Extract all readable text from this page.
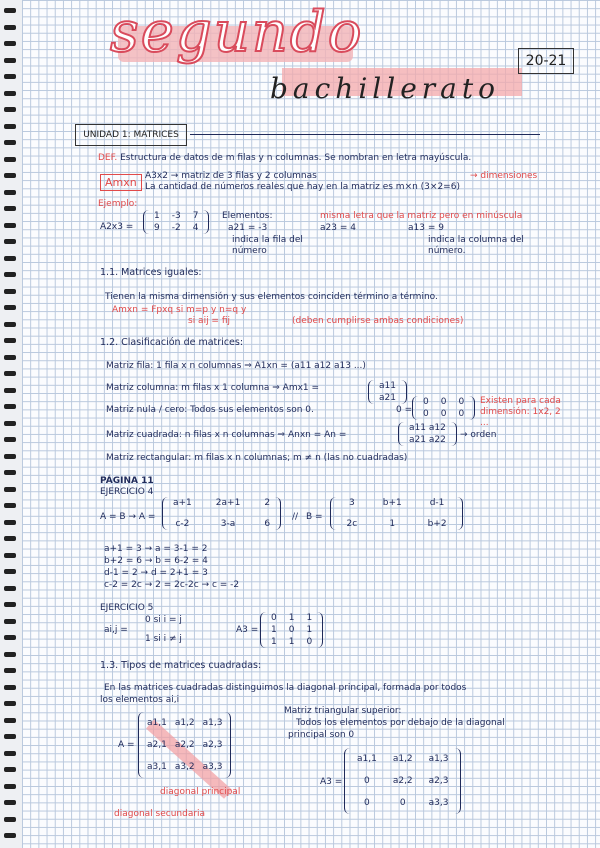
segundo
bachillerato
20-21
UNIDAD 1: MATRICES
DEF. Estructura de datos de m filas y n columnas. Se nombran en letra mayúscula.
Amxn A3x2 → matriz de 3 filas y 2 columnas
La cantidad de números reales que hay en la matriz es m×n (3×2=6)
→ dimensiones
Ejemplo:
A2x3 =
1	-3	7
9	-2	4
Elementos:
a21 = -3
indica la fila del número
misma letra que la matriz pero en minúscula
a23 = 4	a13 = 9
indica la columna del número.
1.1. Matrices iguales:
Tienen la misma dimensión y sus elementos coinciden término a término.
Amxn = Fpxq si m=p y n=q y
si aij = fij	(deben cumplirse ambas condiciones)
1.2. Clasificación de matrices:
Matriz fila: 1 fila x n columnas ⇒ A1xn = (a11 a12 a13 ...)
Matriz columna: m filas x 1 columna ⇒ Amx1 =	a11
a21
Matriz nula / cero: Todos sus elementos son 0.	0 =
0	0	0
0	0	0
Existen para cada dimensión: 1x2, 2 ...
Matriz cuadrada: n filas x n columnas ⇒ Anxn = An =
a11 a12
a21 a22 → orden
Matriz rectangular: m filas x n columnas; m ≠ n (las no cuadradas)
PÁGINA 11
EJERCICIO 4
A = B → A =
a+1	2a+1	2
c-2	3-a	6
// B =
3	b+1	d-1
2c	1	b+2
a+1 = 3 → a = 3-1 = 2
b+2 = 6 → b = 6-2 = 4
d-1 = 2 → d = 2+1 = 3
c-2 = 2c → 2 = 2c-2c → c = -2
EJERCICIO 5
ai,j =
0 si i = j
1 si i ≠ j
A3 =
0	1	1
1	0	1
1	1	0
1.3. Tipos de matrices cuadradas:
En las matrices cuadradas distinguimos la diagonal principal, formada por todos
los elementos ai,i
A =
a1,1	a1,2	a1,3
a2,1	a2,2	a2,3
a3,1	a3,2	a3,3
diagonal principal
diagonal secundaria
Matriz triangular superior:
Todos los elementos por debajo de la diagonal
principal son 0
A3 =
a1,1	a1,2	a1,3
0	a2,2	a2,3
0	0	a3,3
